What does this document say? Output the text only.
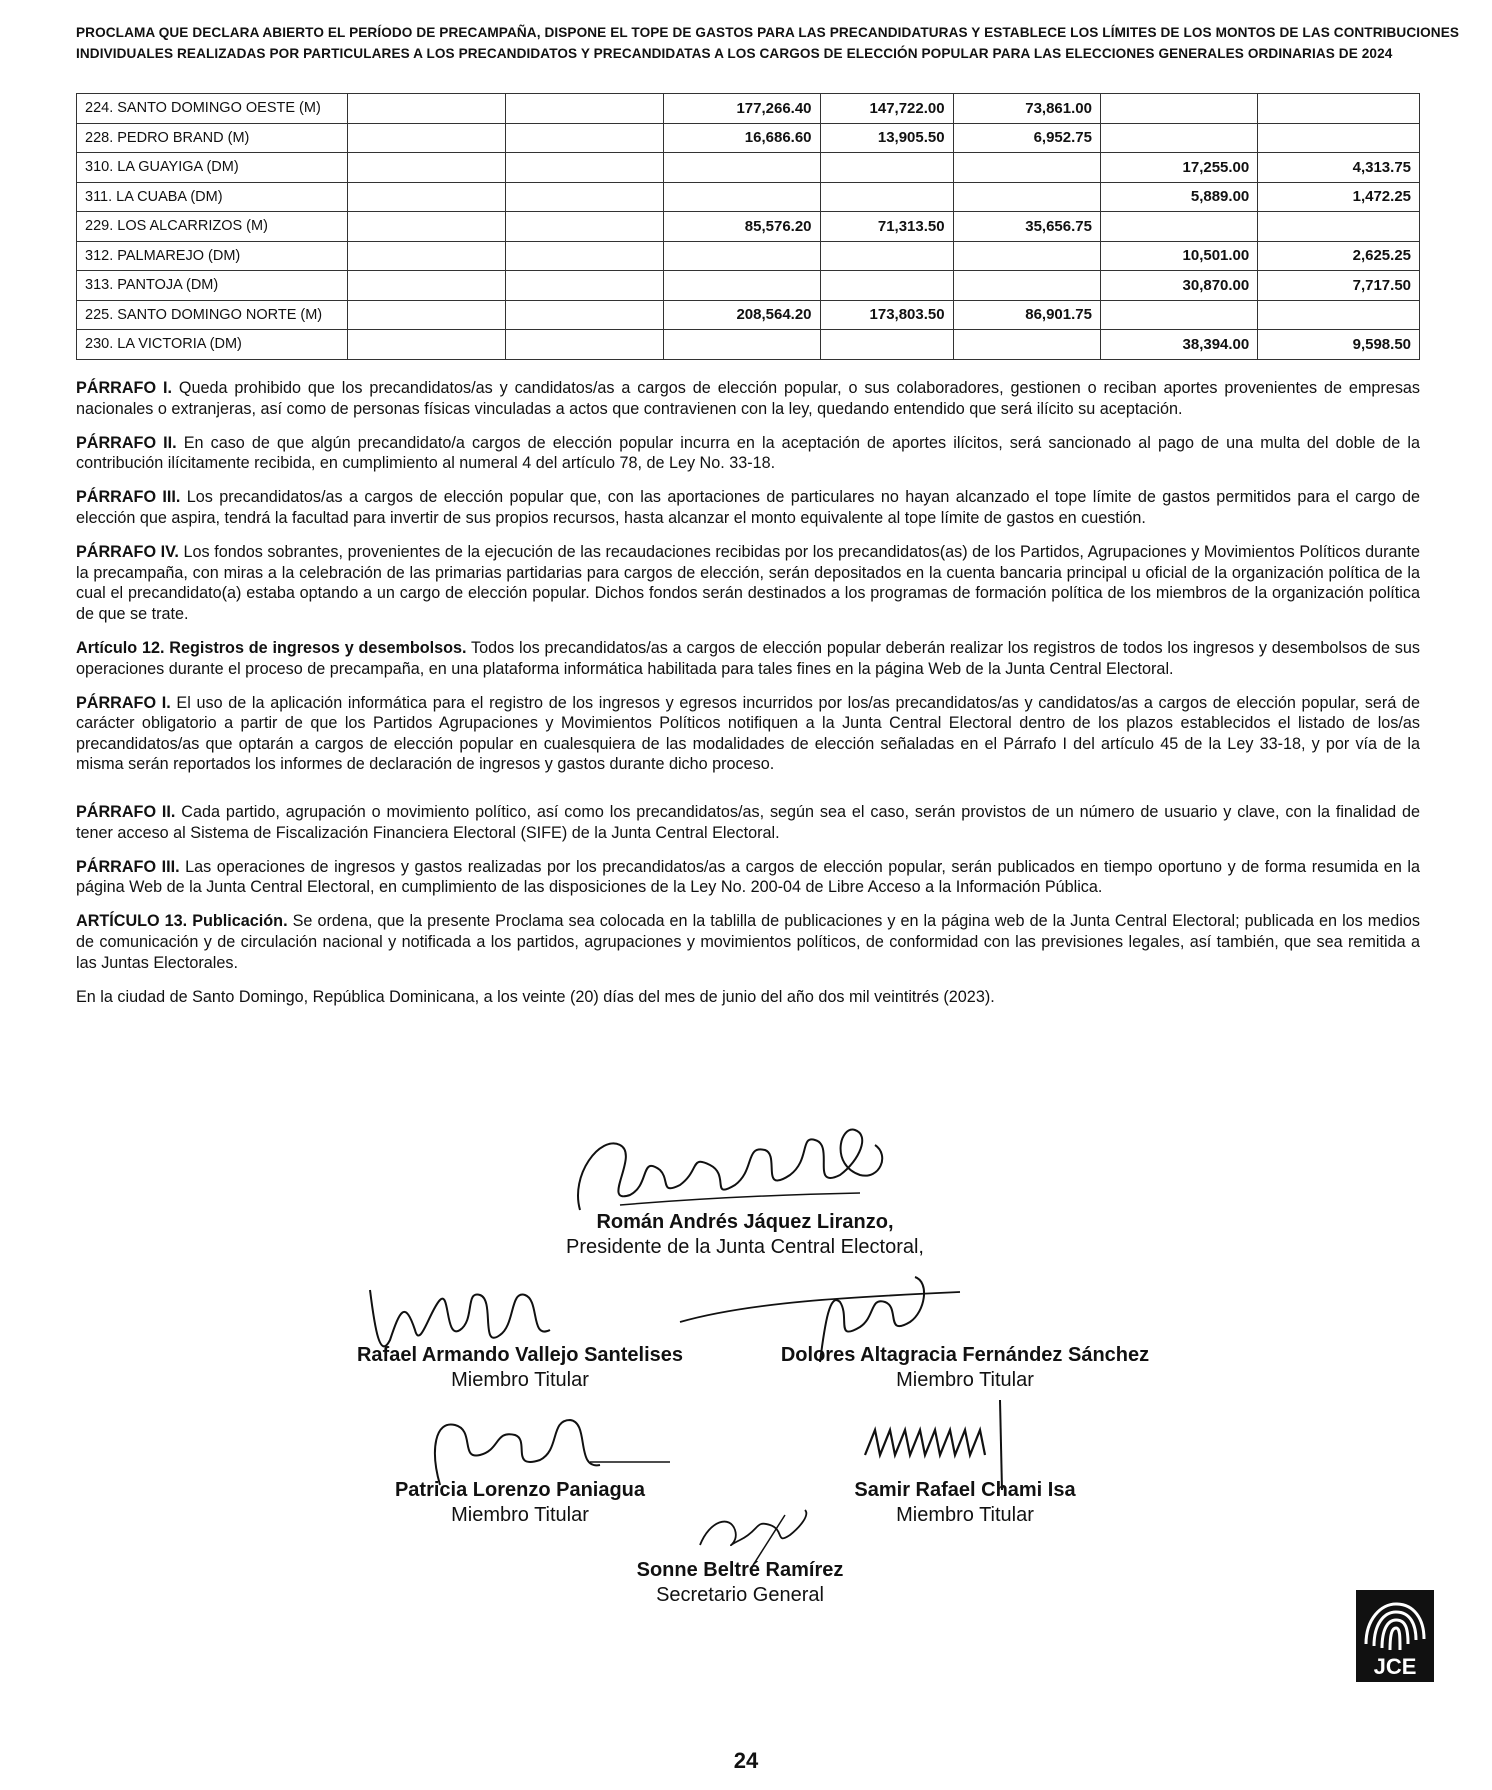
PROCLAMA QUE DECLARA ABIERTO EL PERÍODO DE PRECAMPAÑA, DISPONE EL TOPE DE GASTOS PARA LAS PRECANDIDATURAS Y ESTABLECE LOS LÍMITES DE LOS MONTOS DE LAS CONTRIBUCIONES
INDIVIDUALES REALIZADAS POR PARTICULARES A LOS PRECANDIDATOS Y PRECANDIDATAS A LOS CARGOS DE ELECCIÓN POPULAR PARA LAS ELECCIONES GENERALES ORDINARIAS DE 2024
224. SANTO DOMINGO OESTE (M)			177,266.40	147,722.00	73,861.00		
228. PEDRO BRAND (M)			16,686.60	13,905.50	6,952.75		
310. LA GUAYIGA (DM)						17,255.00	4,313.75
311. LA CUABA (DM)						5,889.00	1,472.25
229. LOS ALCARRIZOS (M)			85,576.20	71,313.50	35,656.75		
312. PALMAREJO (DM)						10,501.00	2,625.25
313. PANTOJA (DM)						30,870.00	7,717.50
225. SANTO DOMINGO NORTE (M)			208,564.20	173,803.50	86,901.75		
230. LA VICTORIA (DM)						38,394.00	9,598.50

PÁRRAFO I. Queda prohibido que los precandidatos/as y candidatos/as a cargos de elección popular, o sus colaboradores, gestionen o reciban aportes provenientes de empresas nacionales o extranjeras, así como de personas físicas vinculadas a actos que contravienen con la ley, quedando entendido que será ilícito su aceptación.

PÁRRAFO II. En caso de que algún precandidato/a cargos de elección popular incurra en la aceptación de aportes ilícitos, será sancionado al pago de una multa del doble de la contribución ilícitamente recibida, en cumplimiento al numeral 4 del artículo 78, de Ley No. 33-18.

PÁRRAFO III. Los precandidatos/as a cargos de elección popular que, con las aportaciones de particulares no hayan alcanzado el tope límite de gastos permitidos para el cargo de elección que aspira, tendrá la facultad para invertir de sus propios recursos, hasta alcanzar el monto equivalente al tope límite de gastos en cuestión.

PÁRRAFO IV. Los fondos sobrantes, provenientes de la ejecución de las recaudaciones recibidas por los precandidatos(as) de los Partidos, Agrupaciones y Movimientos Políticos durante la precampaña, con miras a la celebración de las primarias partidarias para cargos de elección, serán depositados en la cuenta bancaria principal u oficial de la organización política de la cual el precandidato(a) estaba optando a un cargo de elección popular. Dichos fondos serán destinados a los programas de formación política de los miembros de la organización política de que se trate.

Artículo 12. Registros de ingresos y desembolsos. Todos los precandidatos/as a cargos de elección popular deberán realizar los registros de todos los ingresos y desembolsos de sus operaciones durante el proceso de precampaña, en una plataforma informática habilitada para tales fines en la página Web de la Junta Central Electoral.

PÁRRAFO I. El uso de la aplicación informática para el registro de los ingresos y egresos incurridos por los/as precandidatos/as y candidatos/as a cargos de elección popular, será de carácter obligatorio a partir de que los Partidos Agrupaciones y Movimientos Políticos notifiquen a la Junta Central Electoral dentro de los plazos establecidos el listado de los/as precandidatos/as que optarán a cargos de elección popular en cualesquiera de las modalidades de elección señaladas en el Párrafo I del artículo 45 de la Ley 33-18, y por vía de la misma serán reportados los informes de declaración de ingresos y gastos durante dicho proceso.

PÁRRAFO II. Cada partido, agrupación o movimiento político, así como los precandidatos/as, según sea el caso, serán provistos de un número de usuario y clave, con la finalidad de tener acceso al Sistema de Fiscalización Financiera Electoral (SIFE) de la Junta Central Electoral.

PÁRRAFO III. Las operaciones de ingresos y gastos realizadas por los precandidatos/as a cargos de elección popular, serán publicados en tiempo oportuno y de forma resumida en la página Web de la Junta Central Electoral, en cumplimiento de las disposiciones de la Ley No. 200-04 de Libre Acceso a la Información Pública.

ARTÍCULO 13. Publicación. Se ordena, que la presente Proclama sea colocada en la tablilla de publicaciones y en la página web de la Junta Central Electoral; publicada en los medios de comunicación y de circulación nacional y notificada a los partidos, agrupaciones y movimientos políticos, de conformidad con las previsiones legales, así también, que sea remitida a las Juntas Electorales.

En la ciudad de Santo Domingo, República Dominicana, a los veinte (20) días del mes de junio del año dos mil veintitrés (2023).

Román Andrés Jáquez Liranzo,
Presidente de la Junta Central Electoral,
Rafael Armando Vallejo Santelises
Miembro Titular
Dolores Altagracia Fernández Sánchez
Miembro Titular
Patricia Lorenzo Paniagua
Miembro Titular
Samir Rafael Chami Isa
Miembro Titular
Sonne Beltré Ramírez
Secretario General
JCE
24
